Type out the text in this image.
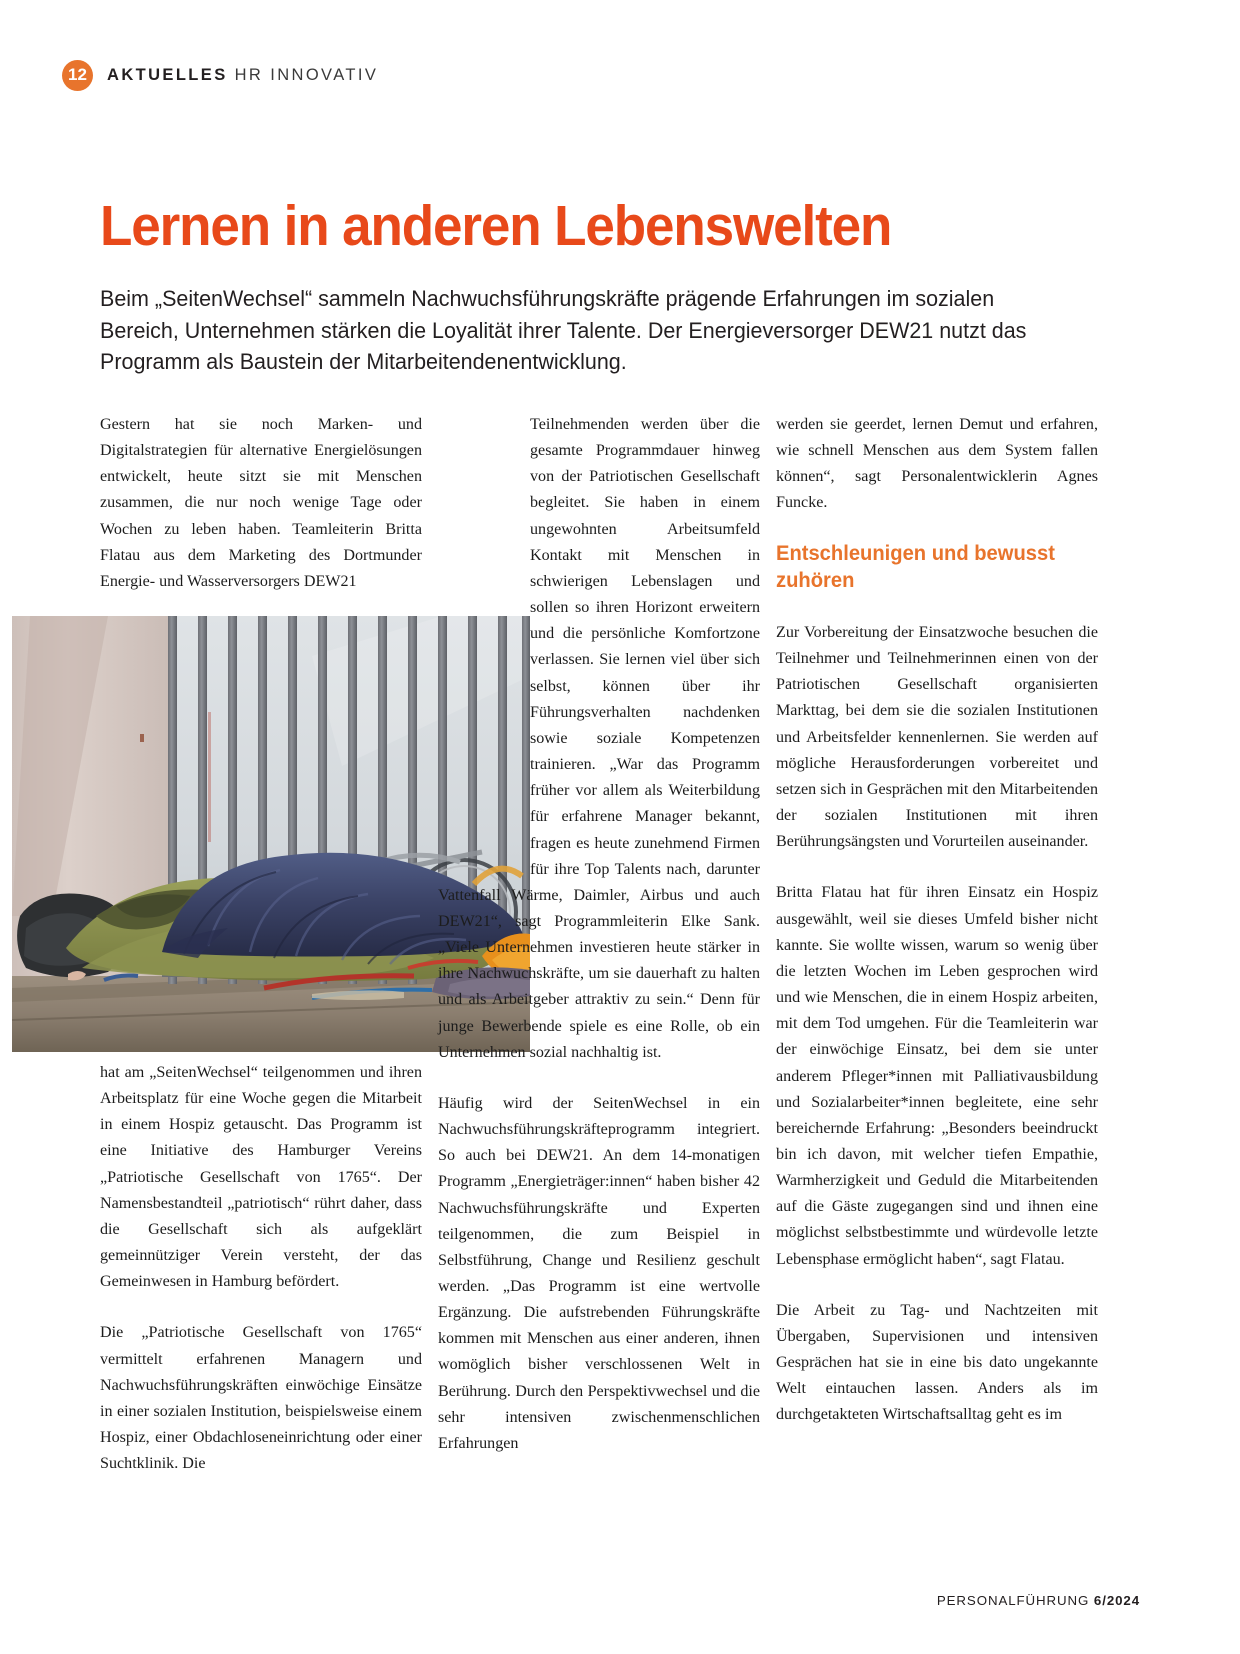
12	AKTUELLES HR INNOVATIV
Lernen in anderen Lebenswelten

Beim „SeitenWechsel“ sammeln Nachwuchsführungskräfte prägende Erfahrungen im sozialen Bereich, Unternehmen stärken die Loyalität ihrer Talente. Der Energieversorger DEW21 nutzt das Programm als Baustein der Mitarbeitendenentwicklung.

Gestern hat sie noch Marken- und Digitalstrategien für alternative Energielösungen entwickelt, heute sitzt sie mit Menschen zusammen, die nur noch wenige Tage oder Wochen zu leben haben. Teamleiterin Britta Flatau aus dem Marketing des Dortmunder Energie- und Wasserversorgers DEW21

hat am „SeitenWechsel“ teilgenommen und ihren Arbeitsplatz für eine Woche gegen die Mitarbeit in einem Hospiz getauscht. Das Programm ist eine Initiative des Hamburger Vereins „Patriotische Gesellschaft von 1765“. Der Namensbestandteil „patriotisch“ rührt daher, dass die Gesellschaft sich als aufgeklärt gemeinnütziger Verein versteht, der das Gemeinwesen in Hamburg befördert.

Die „Patriotische Gesellschaft von 1765“ vermittelt erfahrenen Managern und Nachwuchsführungskräften einwöchige Einsätze in einer sozialen Institution, beispielsweise einem Hospiz, einer Obdachloseneinrichtung oder einer Suchtklinik. Die

Teilnehmenden werden über die gesamte Programmdauer hinweg von der Patriotischen Gesellschaft begleitet. Sie haben in einem ungewohnten Arbeitsumfeld Kontakt mit Menschen in schwierigen Lebenslagen und sollen so ihren Horizont erweitern und die persönliche Komfortzone verlassen. Sie lernen viel über sich selbst, können über ihr Führungsverhalten nachdenken sowie soziale Kompetenzen trainieren. „War das Programm früher vor allem als Weiterbildung für erfahrene Manager bekannt, fragen es heute zunehmend Firmen für ihre Top Talents nach, darunter Vattenfall Wärme, Daimler, Airbus und auch DEW21“, sagt Programmleiterin Elke Sank. „Viele Unternehmen investieren heute stärker in ihre Nachwuchskräfte, um sie dauerhaft zu halten und als Arbeitgeber attraktiv zu sein.“ Denn für junge Bewerbende spiele es eine Rolle, ob ein Unternehmen sozial nachhaltig ist.

Häufig wird der SeitenWechsel in ein Nachwuchsführungskräfteprogramm integriert. So auch bei DEW21. An dem 14-monatigen Programm „Energieträger:innen“ haben bisher 42 Nachwuchsführungskräfte und Experten teilgenommen, die zum Beispiel in Selbstführung, Change und Resilienz geschult werden. „Das Programm ist eine wertvolle Ergänzung. Die aufstrebenden Führungskräfte kommen mit Menschen aus einer anderen, ihnen womöglich bisher verschlossenen Welt in Berührung. Durch den Perspektivwechsel und die sehr intensiven zwischenmenschlichen Erfahrungen

werden sie geerdet, lernen Demut und erfahren, wie schnell Menschen aus dem System fallen können“, sagt Personalentwicklerin Agnes Funcke.

Entschleunigen und bewusst zuhören

Zur Vorbereitung der Einsatzwoche besuchen die Teilnehmer und Teilnehmerinnen einen von der Patriotischen Gesellschaft organisierten Markttag, bei dem sie die sozialen Institutionen und Arbeitsfelder kennenlernen. Sie werden auf mögliche Herausforderungen vorbereitet und setzen sich in Gesprächen mit den Mitarbeitenden der sozialen Institutionen mit ihren Berührungsängsten und Vorurteilen auseinander.

Britta Flatau hat für ihren Einsatz ein Hospiz ausgewählt, weil sie dieses Umfeld bisher nicht kannte. Sie wollte wissen, warum so wenig über die letzten Wochen im Leben gesprochen wird und wie Menschen, die in einem Hospiz arbeiten, mit dem Tod umgehen. Für die Teamleiterin war der einwöchige Einsatz, bei dem sie unter anderem Pfleger*innen mit Palliativausbildung und Sozialarbeiter*innen begleitete, eine sehr bereichernde Erfahrung: „Besonders beeindruckt bin ich davon, mit welcher tiefen Empathie, Warmherzigkeit und Geduld die Mitarbeitenden auf die Gäste zugegangen sind und ihnen eine möglichst selbstbestimmte und würdevolle letzte Lebensphase ermöglicht haben“, sagt Flatau.

Die Arbeit zu Tag- und Nachtzeiten mit Übergaben, Supervisionen und intensiven Gesprächen hat sie in eine bis dato ungekannte Welt eintauchen lassen. Anders als im durchgetakteten Wirtschaftsalltag geht es im

PERSONALFÜHRUNG 6/2024
